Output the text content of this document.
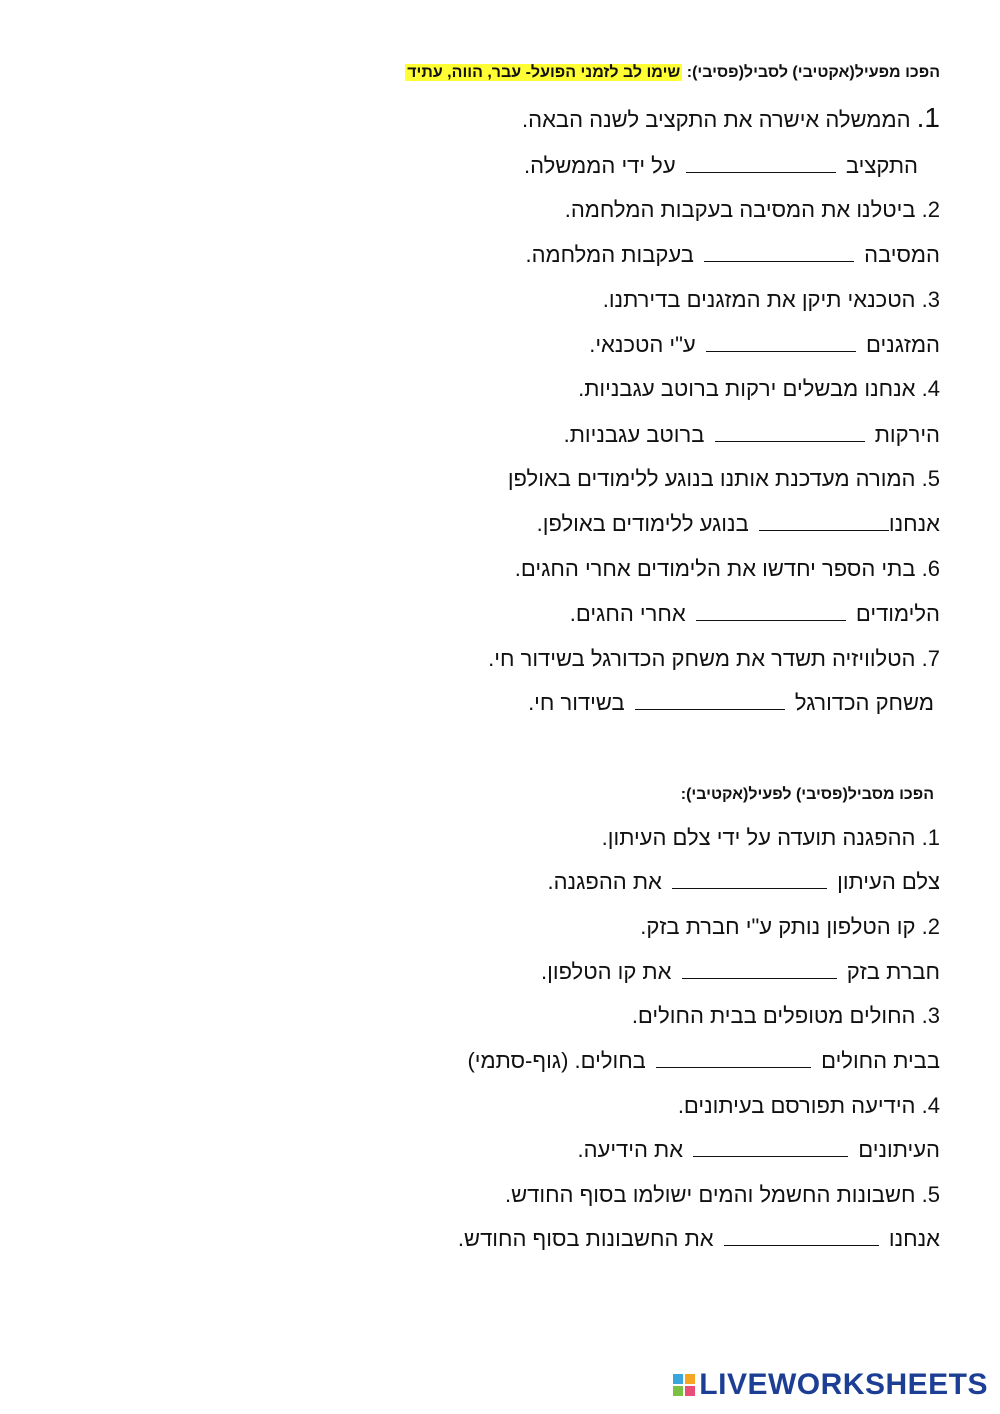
הפכו מפעיל(אקטיבי) לסביל(פסיבי): שימו לב לזמני הפועל- עבר, הווה, עתיד
1. הממשלה אישרה את התקציב לשנה הבאה.
התקציב  על ידי הממשלה.
2. ביטלנו את המסיבה בעקבות המלחמה.
המסיבה  בעקבות המלחמה.
3. הטכנאי תיקן את המזגנים בדירתנו.
המזגנים  ע"י הטכנאי.
4. אנחנו מבשלים ירקות ברוטב עגבניות.
הירקות  ברוטב עגבניות.
5. המורה מעדכנת אותנו בנוגע ללימודים באולפן
אנחנו בנוגע ללימודים באולפן.
6. בתי הספר יחדשו את הלימודים אחרי החגים.
הלימודים  אחרי החגים.
7. הטלוויזיה תשדר את משחק הכדורגל בשידור חי.
משחק הכדורגל  בשידור חי.
הפכו מסביל(פסיבי) לפעיל(אקטיבי):
1. ההפגנה תועדה על ידי צלם העיתון.
צלם העיתון  את ההפגנה.
2. קו הטלפון נותק ע"י חברת בזק.
חברת בזק  את קו הטלפון.
3. החולים מטופלים בבית החולים.
בבית החולים  בחולים. (גוף-סתמי)
4. הידיעה תפורסם בעיתונים.
העיתונים  את הידיעה.
5. חשבונות החשמל והמים ישולמו בסוף החודש.
אנחנו  את החשבונות בסוף החודש.
LIVEWORKSHEETS
